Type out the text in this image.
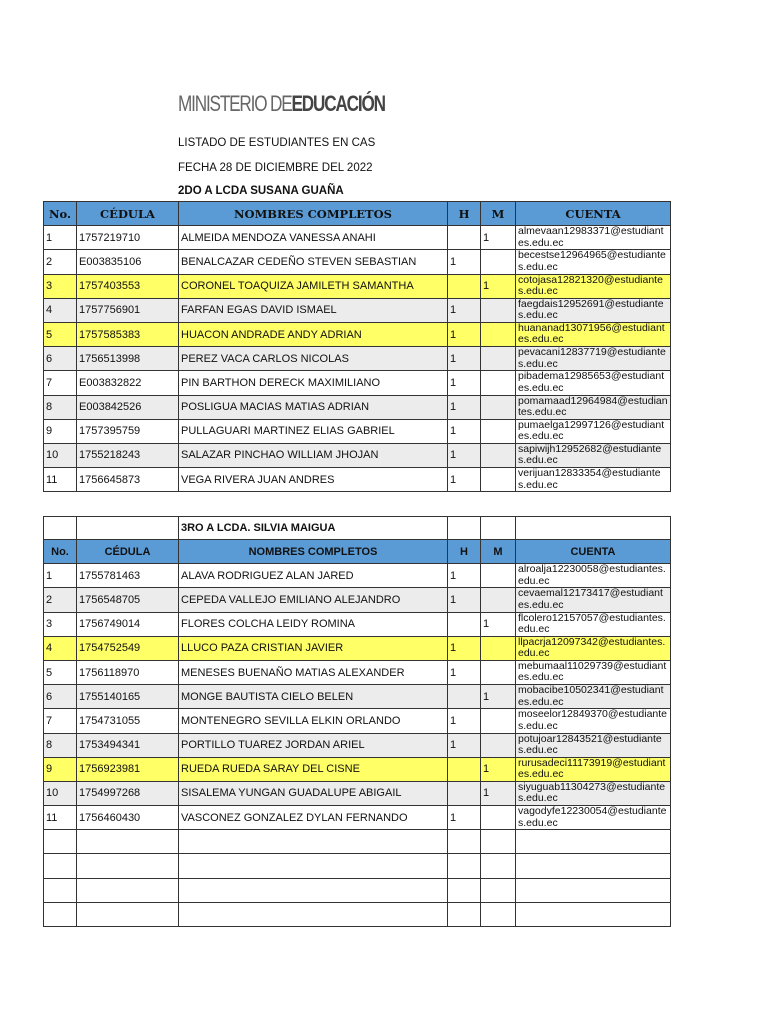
MINISTERIO DEEDUCACIÓN
LISTADO DE ESTUDIANTES EN CAS
FECHA 28 DE DICIEMBRE DEL 2022
2DO A LCDA SUSANA GUAÑA
No.	CÉDULA	NOMBRES COMPLETOS	H	M	CUENTA
1	1757219710	ALMEIDA MENDOZA VANESSA ANAHI		1	almevaan12983371@estudiantes.edu.ec
2	E003835106	BENALCAZAR CEDEÑO STEVEN SEBASTIAN	1		becestse12964965@estudiantes.edu.ec
3	1757403553	CORONEL TOAQUIZA JAMILETH SAMANTHA		1	cotojasa12821320@estudiantes.edu.ec
4	1757756901	FARFAN EGAS DAVID ISMAEL	1		faegdais12952691@estudiantes.edu.ec
5	1757585383	HUACON ANDRADE ANDY ADRIAN	1		huananad13071956@estudiantes.edu.ec
6	1756513998	PEREZ VACA CARLOS NICOLAS	1		pevacani12837719@estudiantes.edu.ec
7	E003832822	PIN BARTHON DERECK MAXIMILIANO	1		pibadema12985653@estudiantes.edu.ec
8	E003842526	POSLIGUA MACIAS MATIAS ADRIAN	1		pomamaad12964984@estudiantes.edu.ec
9	1757395759	PULLAGUARI MARTINEZ ELIAS GABRIEL	1		pumaelga12997126@estudiantes.edu.ec
10	1755218243	SALAZAR PINCHAO WILLIAM JHOJAN	1		sapiwijh12952682@estudiantes.edu.ec
11	1756645873	VEGA RIVERA JUAN ANDRES	1		verijuan12833354@estudiantes.edu.ec
		3RO A LCDA. SILVIA MAIGUA			
No.	CÉDULA	NOMBRES COMPLETOS	H	M	CUENTA
1	1755781463	ALAVA RODRIGUEZ ALAN JARED	1		alroalja12230058@estudiantes.edu.ec
2	1756548705	CEPEDA VALLEJO EMILIANO ALEJANDRO	1		cevaemal12173417@estudiantes.edu.ec
3	1756749014	FLORES COLCHA LEIDY ROMINA		1	flcolero12157057@estudiantes.edu.ec
4	1754752549	LLUCO PAZA CRISTIAN JAVIER	1		llpacrja12097342@estudiantes.edu.ec
5	1756118970	MENESES BUENAÑO MATIAS ALEXANDER	1		mebumaal11029739@estudiantes.edu.ec
6	1755140165	MONGE BAUTISTA CIELO BELEN		1	mobacibe10502341@estudiantes.edu.ec
7	1754731055	MONTENEGRO SEVILLA ELKIN ORLANDO	1		moseelor12849370@estudiantes.edu.ec
8	1753494341	PORTILLO TUAREZ JORDAN ARIEL	1		potujoar12843521@estudiantes.edu.ec
9	1756923981	RUEDA RUEDA SARAY DEL CISNE		1	rurusadeci11173919@estudiantes.edu.ec
10	1754997268	SISALEMA YUNGAN GUADALUPE ABIGAIL		1	siyuguab11304273@estudiantes.edu.ec
11	1756460430	VASCONEZ GONZALEZ DYLAN FERNANDO	1		vagodyfe12230054@estudiantes.edu.ec
